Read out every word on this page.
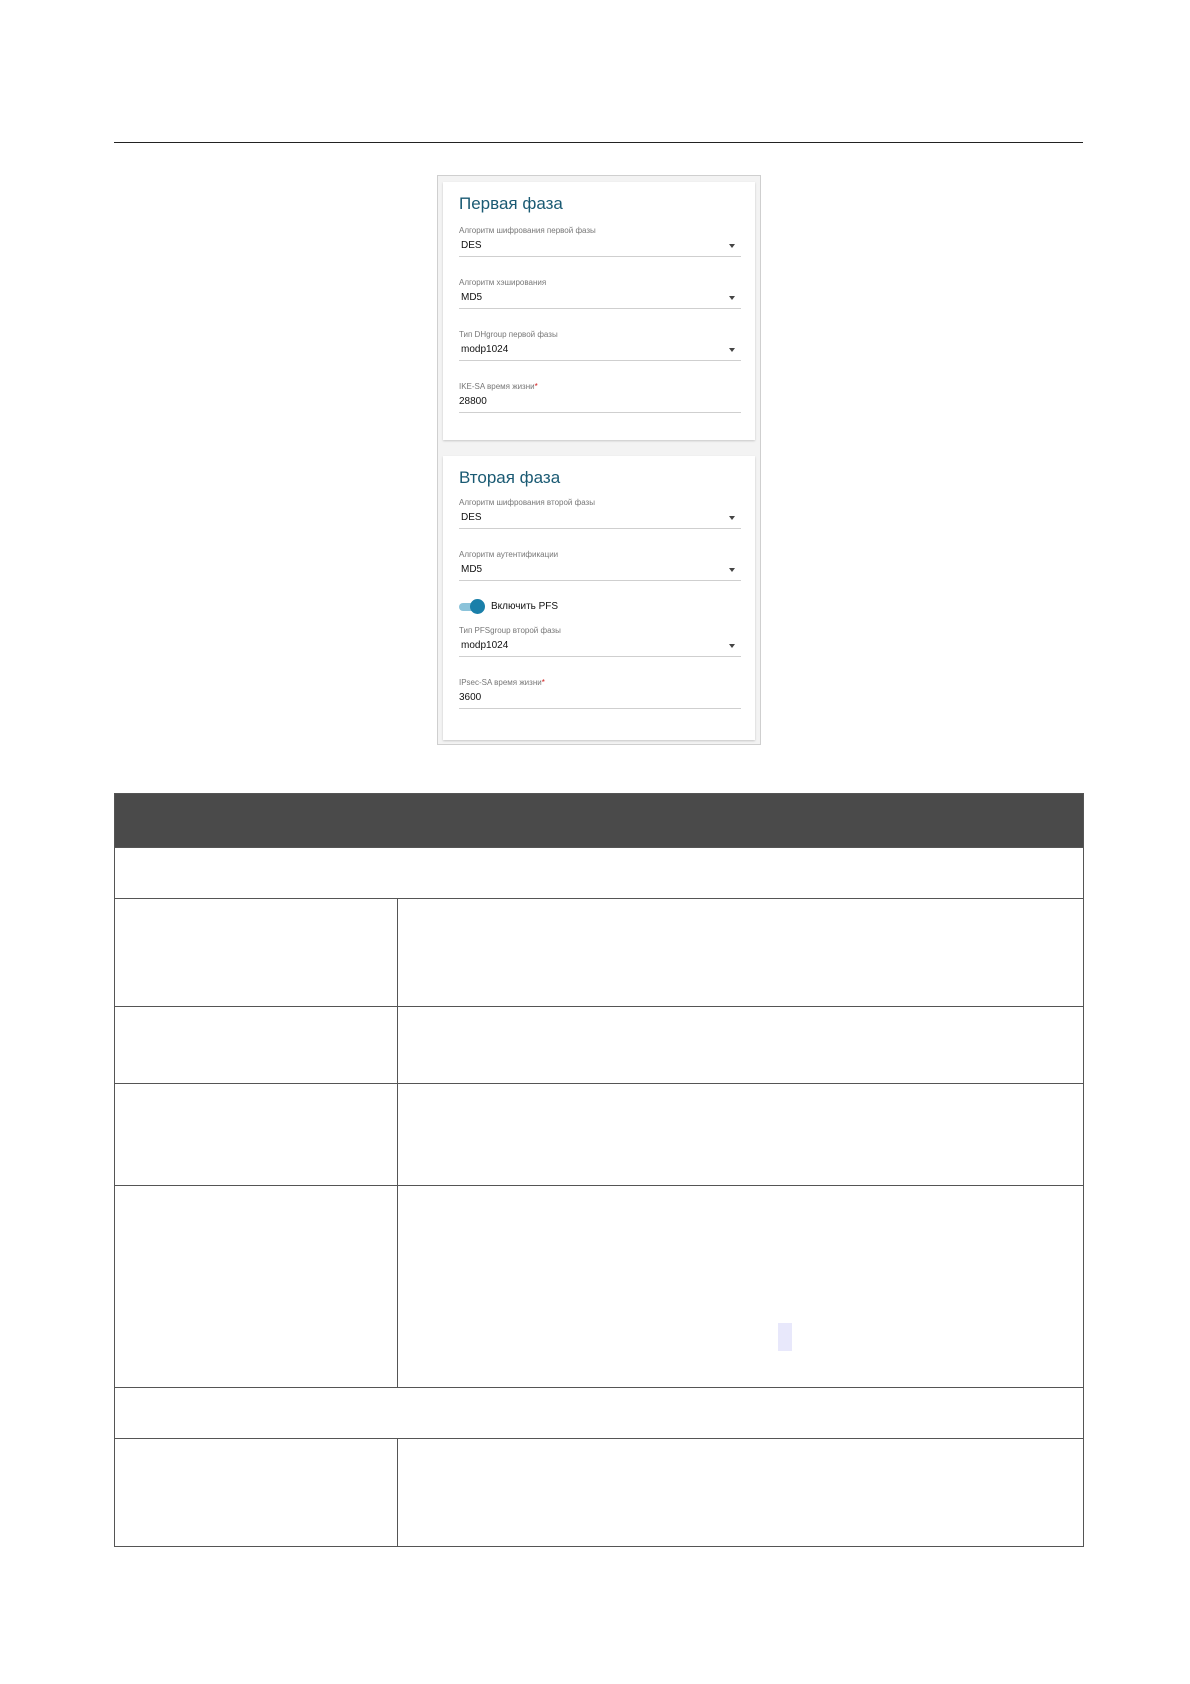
Первая фаза
Алгоритм шифрования первой фазы
DES
Алгоритм хэширования
MD5
Тип DHgroup первой фазы
modp1024
IKE-SA время жизни*
28800
Вторая фаза
Алгоритм шифрования второй фазы
DES
Алгоритм аутентификации
MD5
Включить PFS
Тип PFSgroup второй фазы
modp1024
IPsec-SA время жизни*
3600
